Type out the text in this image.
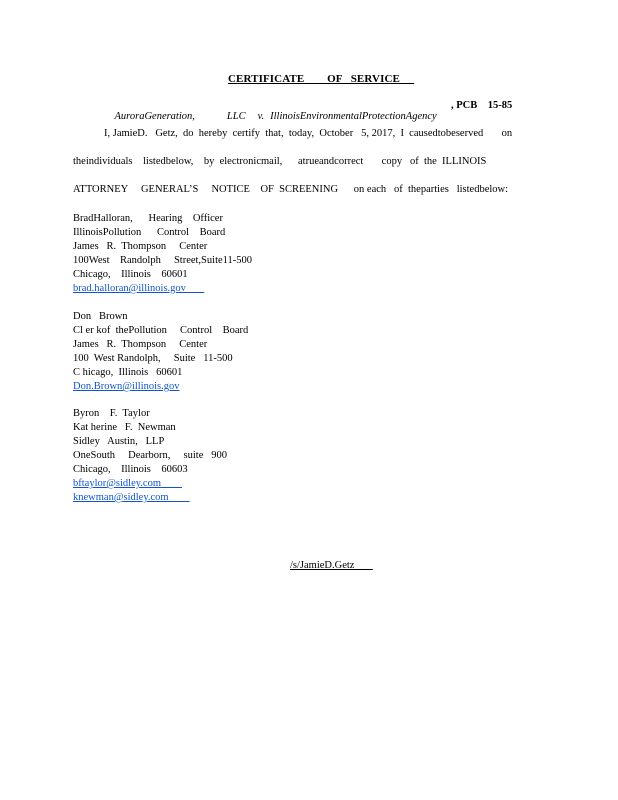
CERTIFICATE        OF   SERVICE

AuroraGeneration,	LLC v. IllinoisEnvironmentalProtectionAgency

, PCB    15-85

I, JamieD.   Getz,  do  hereby  certify  that,  today,  October   5, 2017,  I  causedtobeserved       on
theindividuals    listedbelow,    by  electronicmail,      atrueandcorrect       copy   of  the  ILLINOIS
ATTORNEY     GENERAL’S     NOTICE    OF  SCREENING      on each   of  theparties   listedbelow:
BradHalloran,      Hearing    Officer
IllinoisPollution      Control    Board
James   R.  Thompson     Center
100West    Randolph     Street,Suite11-500
Chicago,    Illinois    60601
brad.halloran@illinois.gov
Don   Brown
Cl er kof  thePollution     Control    Board
James   R.  Thompson     Center
100  West Randolph,     Suite   11-500
C hicago,  Illinois   60601
Don.Brown@illinois.gov
Byron    F.  Taylor
Kat herine   F.  Newman
Sidley   Austin,   LLP
OneSouth     Dearborn,     suite   900
Chicago,    Illinois    60603
bftaylor@sidley.com
knewman@sidley.com
/s/JamieD.Getz
